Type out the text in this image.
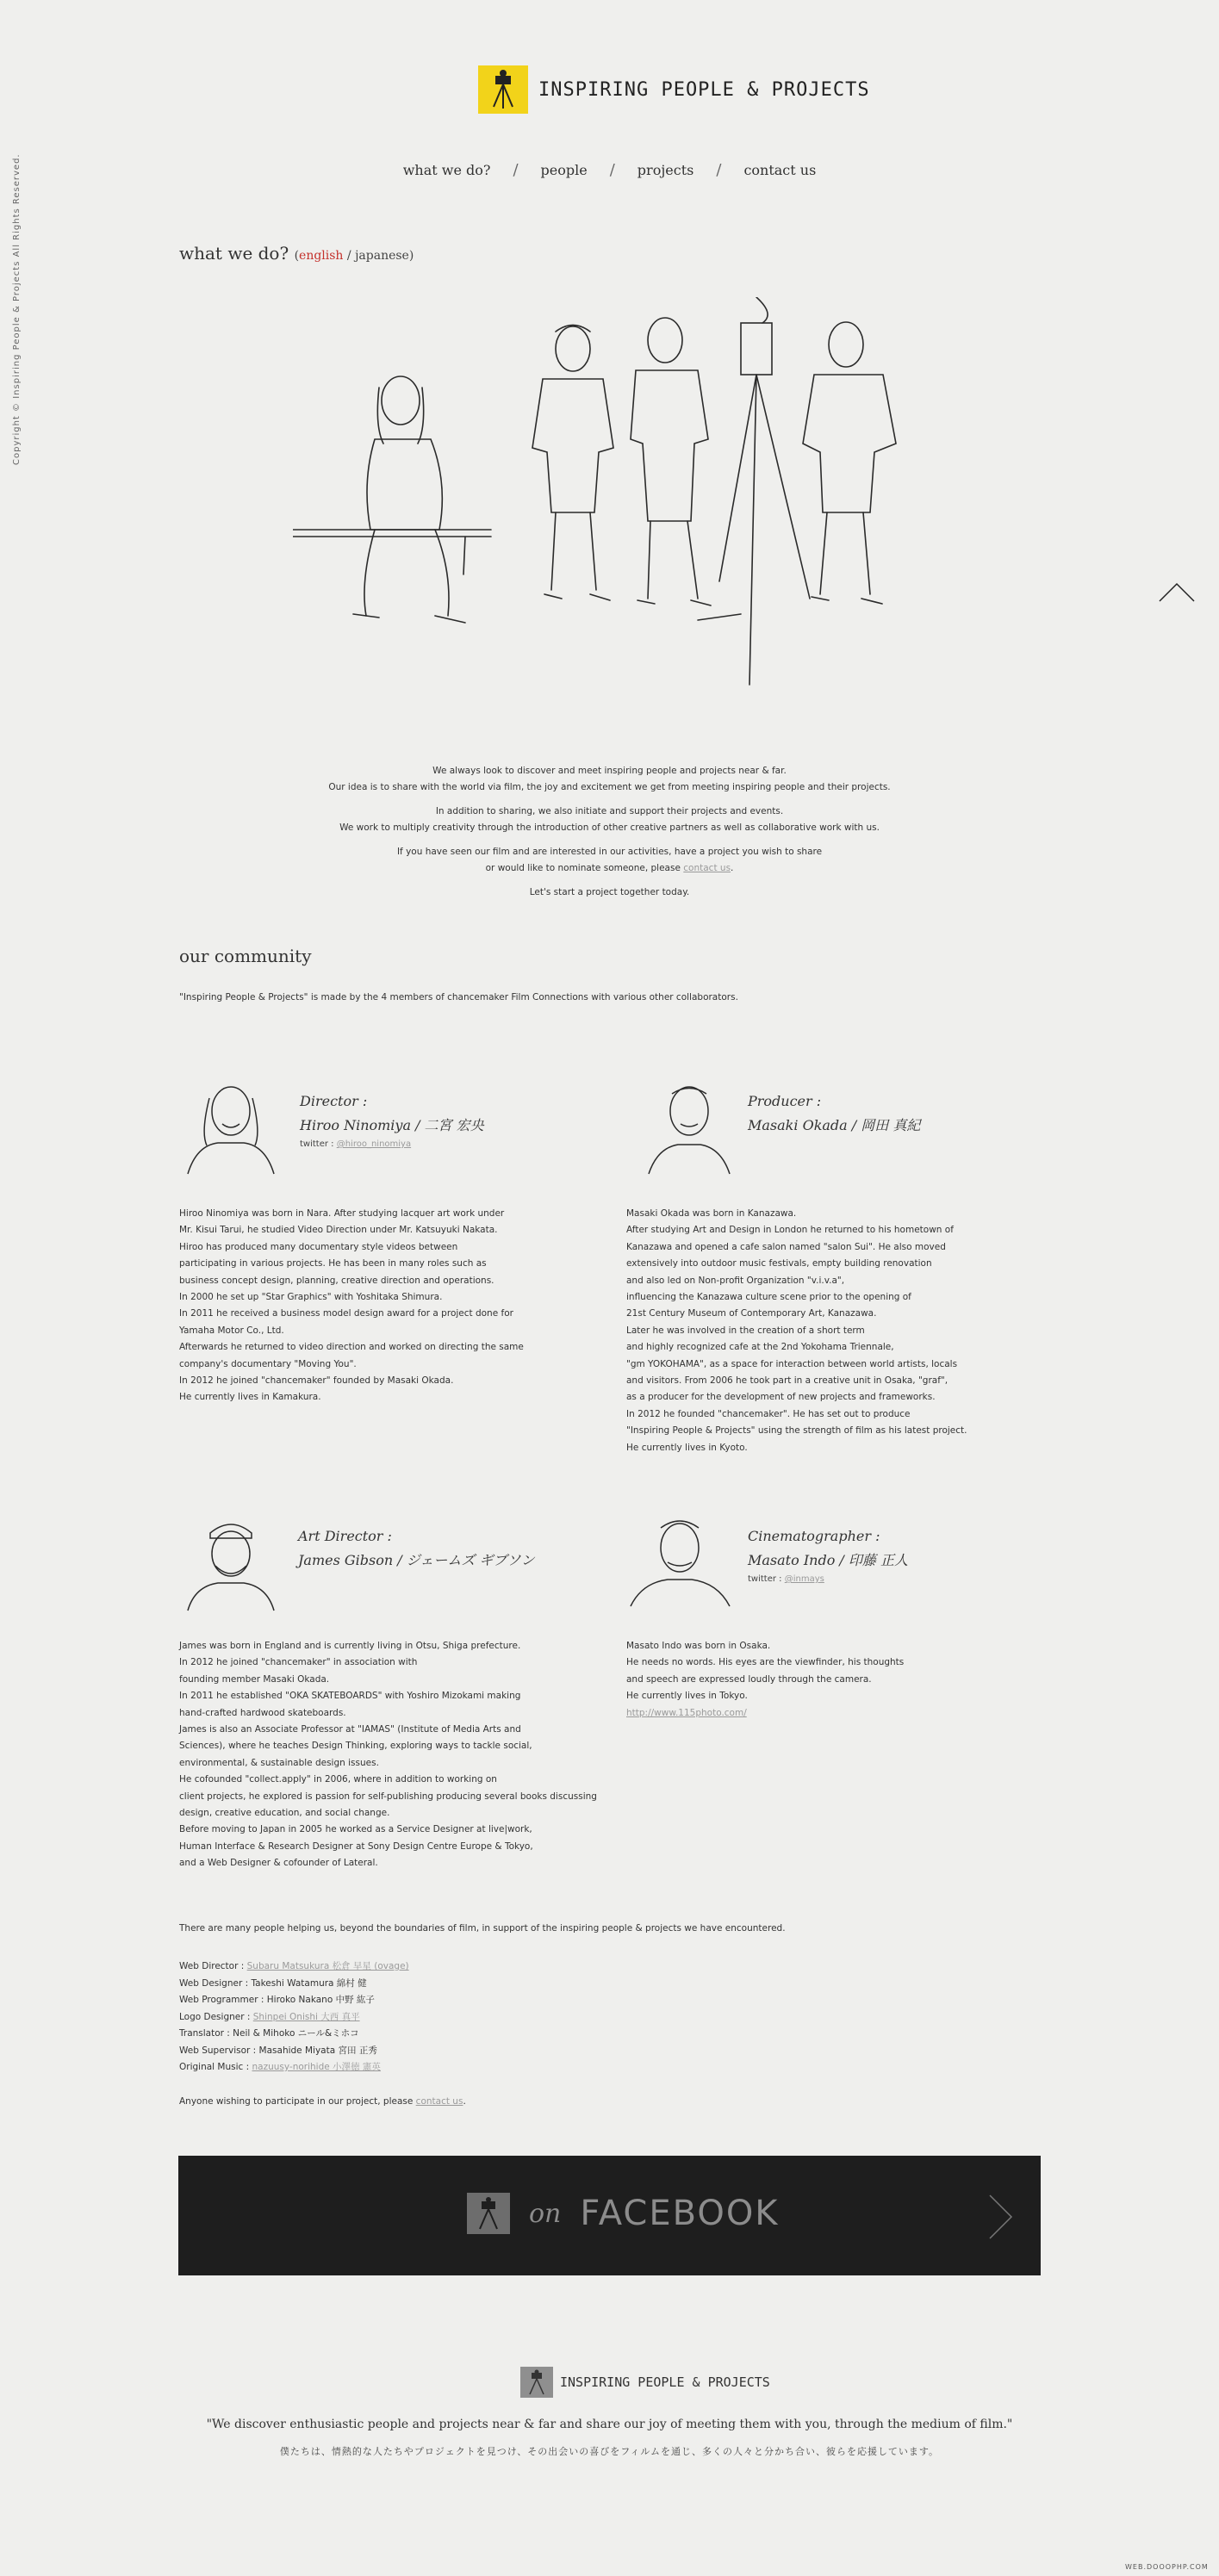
INSPIRING PEOPLE & PROJECTS
what we do?	/	people	/	projects	/	contact us
Copyright © Inspiring People & Projects All Rights Reserved.	what we do? (english / japanese)

We always look to discover and meet inspiring people and projects near & far.
Our idea is to share with the world via film, the joy and excitement we get from meeting inspiring people and their projects.

In addition to sharing, we also initiate and support their projects and events.
We work to multiply creativity through the introduction of other creative partners as well as collaborative work with us.

If you have seen our film and are interested in our activities, have a project you wish to share
or would like to nominate someone, please contact us.

Let's start a project together today.

our community
"Inspiring People & Projects" is made by the 4 members of chancemaker Film Connections with various other collaborators.
Director :
Hiroo Ninomiya / 二宮 宏央
twitter : @hiroo_ninomiya
Hiroo Ninomiya was born in Nara. After studying lacquer art work under
Mr. Kisui Tarui, he studied Video Direction under Mr. Katsuyuki Nakata.
Hiroo has produced many documentary style videos between
participating in various projects. He has been in many roles such as
business concept design, planning, creative direction and operations.
In 2000 he set up "Star Graphics" with Yoshitaka Shimura.
In 2011 he received a business model design award for a project done for
Yamaha Motor Co., Ltd.
Afterwards he returned to video direction and worked on directing the same
company's documentary "Moving You".
In 2012 he joined "chancemaker" founded by Masaki Okada.
He currently lives in Kamakura.
Producer :
Masaki Okada / 岡田 真紀
Masaki Okada was born in Kanazawa.
After studying Art and Design in London he returned to his hometown of
Kanazawa and opened a cafe salon named "salon Sui". He also moved
extensively into outdoor music festivals, empty building renovation
and also led on Non-profit Organization "v.i.v.a",
influencing the Kanazawa culture scene prior to the opening of
21st Century Museum of Contemporary Art, Kanazawa.
Later he was involved in the creation of a short term
and highly recognized cafe at the 2nd Yokohama Triennale,
"gm YOKOHAMA", as a space for interaction between world artists, locals
and visitors. From 2006 he took part in a creative unit in Osaka, "graf",
as a producer for the development of new projects and frameworks.
In 2012 he founded "chancemaker". He has set out to produce
"Inspiring People & Projects" using the strength of film as his latest project.
He currently lives in Kyoto.
Art Director :
James Gibson / ジェームズ ギブソン
James was born in England and is currently living in Otsu, Shiga prefecture.
In 2012 he joined "chancemaker" in association with
founding member Masaki Okada.
In 2011 he established "OKA SKATEBOARDS" with Yoshiro Mizokami making
hand-crafted hardwood skateboards.
James is also an Associate Professor at "IAMAS" (Institute of Media Arts and
Sciences), where he teaches Design Thinking, exploring ways to tackle social,
environmental, & sustainable design issues.
He cofounded "collect.apply" in 2006, where in addition to working on
client projects, he explored is passion for self-publishing producing several books discussing
design, creative education, and social change.
Before moving to Japan in 2005 he worked as a Service Designer at live|work,
Human Interface & Research Designer at Sony Design Centre Europe & Tokyo,
and a Web Designer & cofounder of Lateral.
Cinematographer :
Masato Indo / 印藤 正人
twitter : @inmays
Masato Indo was born in Osaka.
He needs no words. His eyes are the viewfinder, his thoughts
and speech are expressed loudly through the camera.
He currently lives in Tokyo.
http://www.115photo.com/
There are many people helping us, beyond the boundaries of film, in support of the inspiring people & projects we have encountered.
Web Director : Subaru Matsukura 松倉 早星 (ovage)
Web Designer : Takeshi Watamura 綿村 健
Web Programmer : Hiroko Nakano 中野 紘子
Logo Designer : Shinpei Onishi 大西 真平
Translator : Neil & Mihoko ニール&ミホコ
Web Supervisor : Masahide Miyata 宮田 正秀
Original Music : nazuusy-norihide 小澤徳 憲英
Anyone wishing to participate in our project, please contact us.
on FACEBOOK
INSPIRING PEOPLE & PROJECTS
"We discover enthusiastic people and projects near & far and share our joy of meeting them with you, through the medium of film."
僕たちは、情熱的な人たちやプロジェクトを見つけ、その出会いの喜びをフィルムを通じ、多くの人々と分かち合い、彼らを応援しています。
WEB.DOOOPHP.COM
